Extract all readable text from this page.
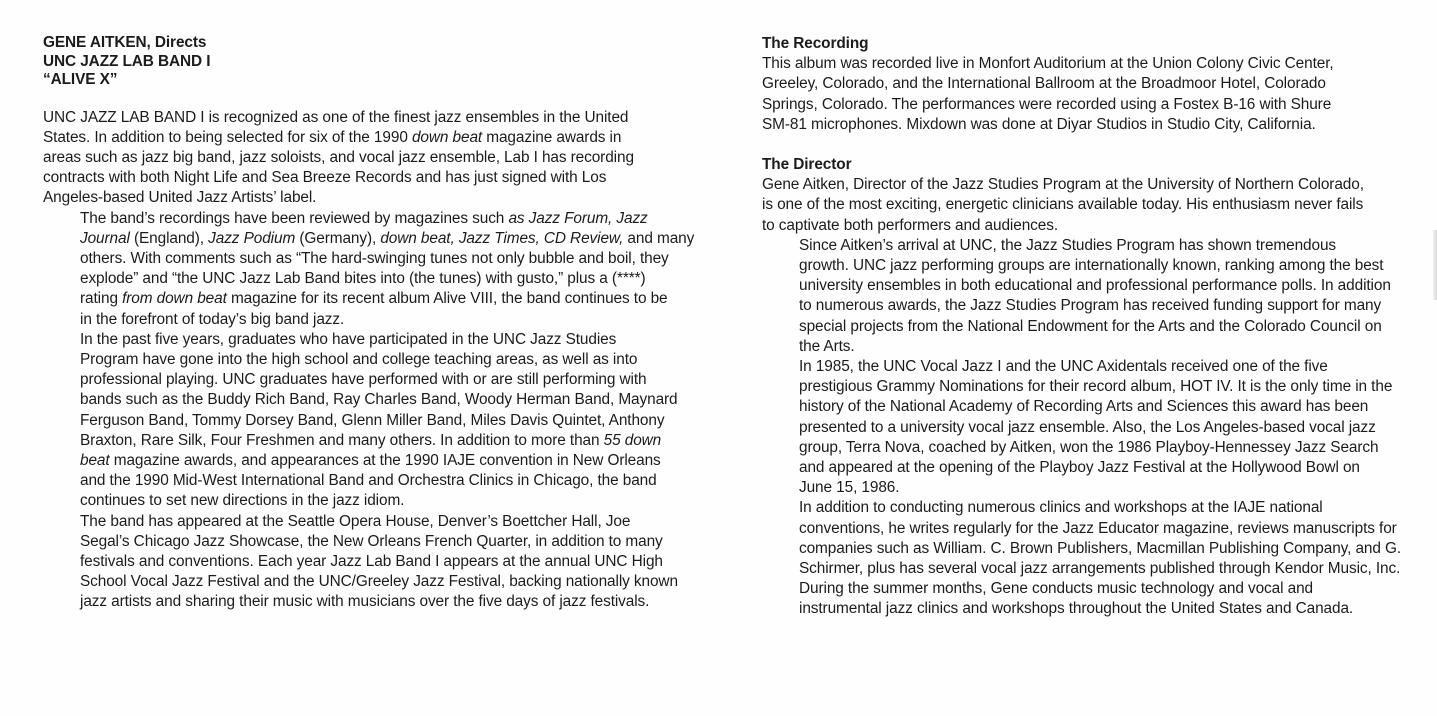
GENE AITKEN, Directs
UNC JAZZ LAB BAND I
“ALIVE X”

UNC JAZZ LAB BAND I is recognized as one of the finest jazz ensembles in the United
States. In addition to being selected for six of the 1990 down beat magazine awards in
areas such as jazz big band, jazz soloists, and vocal jazz ensemble, Lab I has recording
contracts with both Night Life and Sea Breeze Records and has just signed with Los
Angeles-based United Jazz Artists’ label.

The band’s recordings have been reviewed by magazines such as Jazz Forum, Jazz
Journal (England), Jazz Podium (Germany), down beat, Jazz Times, CD Review, and many
others. With comments such as “The hard-swinging tunes not only bubble and boil, they
explode” and “the UNC Jazz Lab Band bites into (the tunes) with gusto,” plus a (****)
rating from down beat magazine for its recent album Alive VIII, the band continues to be
in the forefront of today’s big band jazz.

In the past five years, graduates who have participated in the UNC Jazz Studies
Program have gone into the high school and college teaching areas, as well as into
professional playing. UNC graduates have performed with or are still performing with
bands such as the Buddy Rich Band, Ray Charles Band, Woody Herman Band, Maynard
Ferguson Band, Tommy Dorsey Band, Glenn Miller Band, Miles Davis Quintet, Anthony
Braxton, Rare Silk, Four Freshmen and many others. In addition to more than 55 down
beat magazine awards, and appearances at the 1990 IAJE convention in New Orleans
and the 1990 Mid-West International Band and Orchestra Clinics in Chicago, the band
continues to set new directions in the jazz idiom.

The band has appeared at the Seattle Opera House, Denver’s Boettcher Hall, Joe
Segal’s Chicago Jazz Showcase, the New Orleans French Quarter, in addition to many
festivals and conventions. Each year Jazz Lab Band I appears at the annual UNC High
School Vocal Jazz Festival and the UNC/Greeley Jazz Festival, backing nationally known
jazz artists and sharing their music with musicians over the five days of jazz festivals.

The Recording

This album was recorded live in Monfort Auditorium at the Union Colony Civic Center,
Greeley, Colorado, and the International Ballroom at the Broadmoor Hotel, Colorado
Springs, Colorado. The performances were recorded using a Fostex B-16 with Shure
SM-81 microphones. Mixdown was done at Diyar Studios in Studio City, California.

The Director

Gene Aitken, Director of the Jazz Studies Program at the University of Northern Colorado,
is one of the most exciting, energetic clinicians available today. His enthusiasm never fails
to captivate both performers and audiences.

Since Aitken’s arrival at UNC, the Jazz Studies Program has shown tremendous
growth. UNC jazz performing groups are internationally known, ranking among the best
university ensembles in both educational and professional performance polls. In addition
to numerous awards, the Jazz Studies Program has received funding support for many
special projects from the National Endowment for the Arts and the Colorado Council on
the Arts.

In 1985, the UNC Vocal Jazz I and the UNC Axidentals received one of the five
prestigious Grammy Nominations for their record album, HOT IV. It is the only time in the
history of the National Academy of Recording Arts and Sciences this award has been
presented to a university vocal jazz ensemble. Also, the Los Angeles-based vocal jazz
group, Terra Nova, coached by Aitken, won the 1986 Playboy-Hennessey Jazz Search
and appeared at the opening of the Playboy Jazz Festival at the Hollywood Bowl on
June 15, 1986.

In addition to conducting numerous clinics and workshops at the IAJE national
conventions, he writes regularly for the Jazz Educator magazine, reviews manuscripts for
companies such as William. C. Brown Publishers, Macmillan Publishing Company, and G.
Schirmer, plus has several vocal jazz arrangements published through Kendor Music, Inc.

During the summer months, Gene conducts music technology and vocal and
instrumental jazz clinics and workshops throughout the United States and Canada.
